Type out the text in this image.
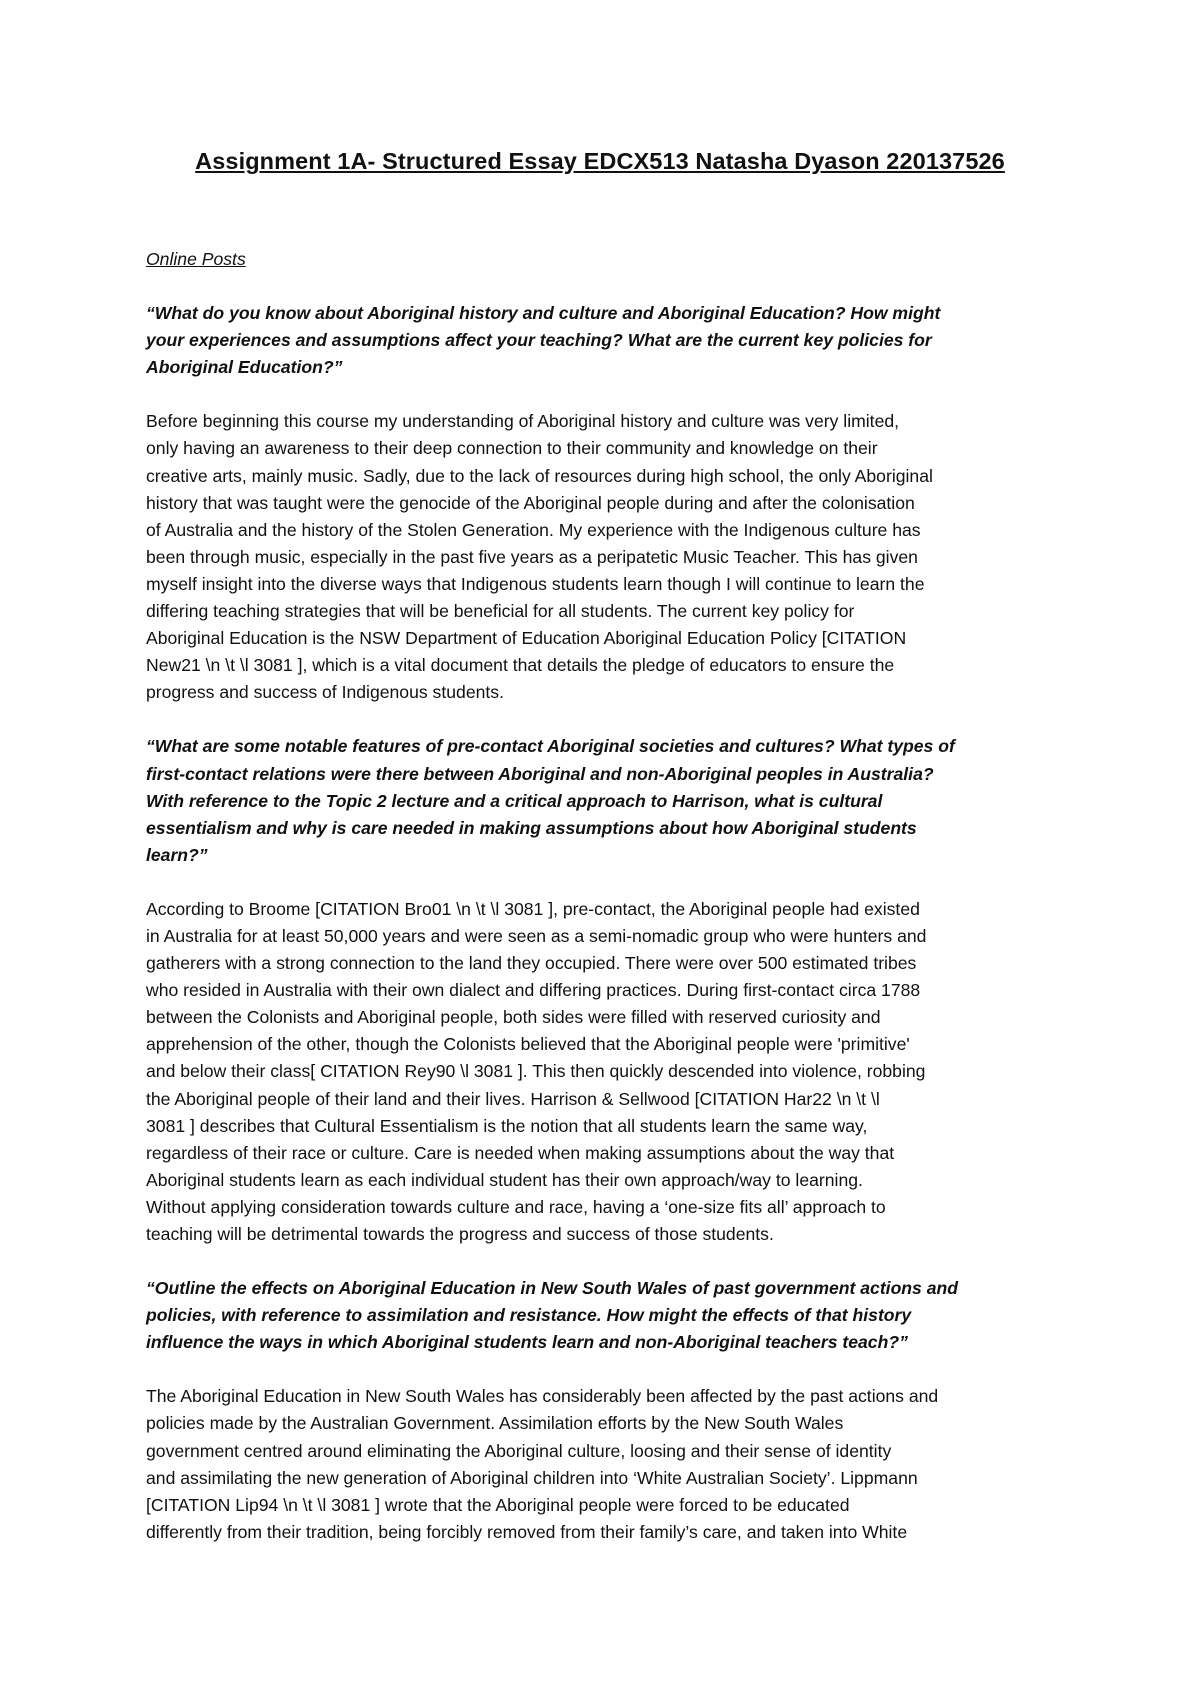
Assignment 1A- Structured Essay EDCX513 Natasha Dyason 220137526
Online Posts
“What do you know about Aboriginal history and culture and Aboriginal Education? How might
your experiences and assumptions affect your teaching? What are the current key policies for
Aboriginal Education?”
Before beginning this course my understanding of Aboriginal history and culture was very limited,
only having an awareness to their deep connection to their community and knowledge on their
creative arts, mainly music. Sadly, due to the lack of resources during high school, the only Aboriginal
history that was taught were the genocide of the Aboriginal people during and after the colonisation
of Australia and the history of the Stolen Generation. My experience with the Indigenous culture has
been through music, especially in the past five years as a peripatetic Music Teacher. This has given
myself insight into the diverse ways that Indigenous students learn though I will continue to learn the
differing teaching strategies that will be beneficial for all students. The current key policy for
Aboriginal Education is the NSW Department of Education Aboriginal Education Policy [CITATION
New21 \n \t \l 3081 ], which is a vital document that details the pledge of educators to ensure the
progress and success of Indigenous students.
“What are some notable features of pre-contact Aboriginal societies and cultures? What types of
first-contact relations were there between Aboriginal and non-Aboriginal peoples in Australia?
With reference to the Topic 2 lecture and a critical approach to Harrison, what is cultural
essentialism and why is care needed in making assumptions about how Aboriginal students
learn?”
According to Broome [CITATION Bro01 \n \t \l 3081 ], pre-contact, the Aboriginal people had existed
in Australia for at least 50,000 years and were seen as a semi-nomadic group who were hunters and
gatherers with a strong connection to the land they occupied. There were over 500 estimated tribes
who resided in Australia with their own dialect and differing practices. During first-contact circa 1788
between the Colonists and Aboriginal people, both sides were filled with reserved curiosity and
apprehension of the other, though the Colonists believed that the Aboriginal people were 'primitive'
and below their class[ CITATION Rey90 \l 3081 ]. This then quickly descended into violence, robbing
the Aboriginal people of their land and their lives. Harrison & Sellwood [CITATION Har22 \n \t \l
3081 ] describes that Cultural Essentialism is the notion that all students learn the same way,
regardless of their race or culture. Care is needed when making assumptions about the way that
Aboriginal students learn as each individual student has their own approach/way to learning.
Without applying consideration towards culture and race, having a ‘one-size fits all’ approach to
teaching will be detrimental towards the progress and success of those students.
“Outline the effects on Aboriginal Education in New South Wales of past government actions and
policies, with reference to assimilation and resistance. How might the effects of that history
influence the ways in which Aboriginal students learn and non-Aboriginal teachers teach?”
The Aboriginal Education in New South Wales has considerably been affected by the past actions and
policies made by the Australian Government. Assimilation efforts by the New South Wales
government centred around eliminating the Aboriginal culture, loosing and their sense of identity
and assimilating the new generation of Aboriginal children into ‘White Australian Society’. Lippmann
[CITATION Lip94 \n \t \l 3081 ] wrote that the Aboriginal people were forced to be educated
differently from their tradition, being forcibly removed from their family’s care, and taken into White
